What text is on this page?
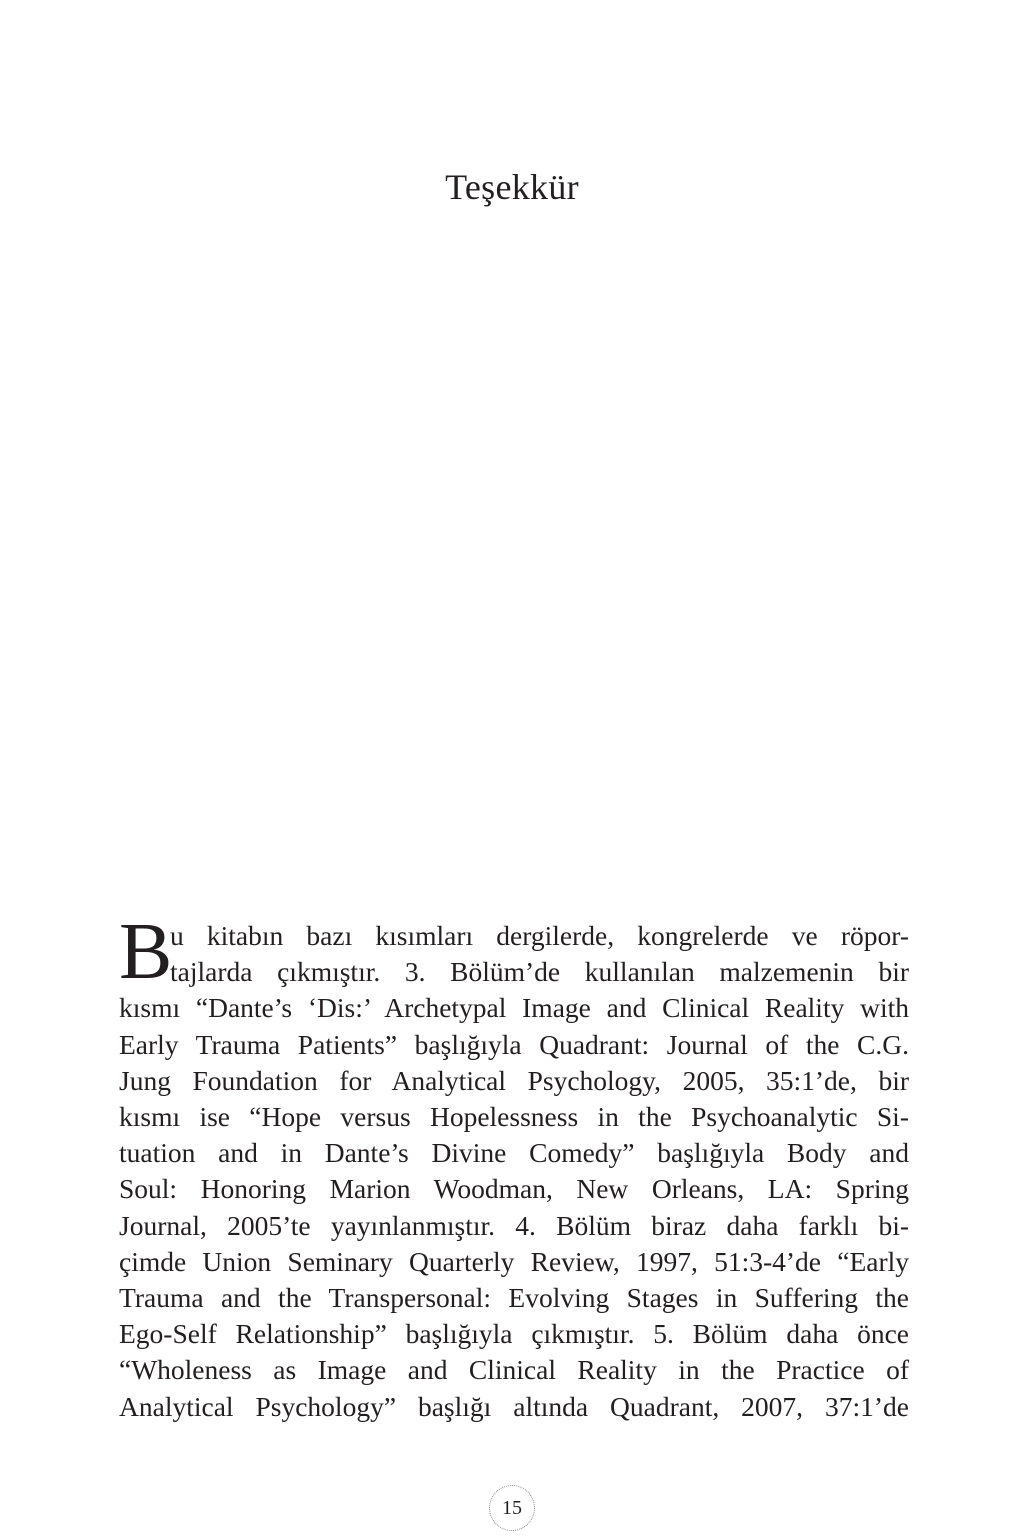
Teşekkür
B
u kitabın bazı kısımları dergilerde, kongrelerde ve röpor-
tajlarda çıkmıştır. 3. Bölüm’de kullanılan malzemenin bir
kısmı “Dante’s ‘Dis:’ Archetypal Image and Clinical Reality with
Early Trauma Patients” başlığıyla Quadrant: Journal of the C.G.
Jung Foundation for Analytical Psychology, 2005, 35:1’de, bir
kısmı ise “Hope versus Hopelessness in the Psychoanalytic Si-
tuation and in Dante’s Divine Comedy” başlığıyla Body and
Soul: Honoring Marion Woodman, New Orleans, LA: Spring
Journal, 2005’te yayınlanmıştır. 4. Bölüm biraz daha farklı bi-
çimde Union Seminary Quarterly Review, 1997, 51:3-4’de “Early
Trauma and the Transpersonal: Evolving Stages in Suffering the
Ego-Self Relationship” başlığıyla çıkmıştır. 5. Bölüm daha önce
“Wholeness as Image and Clinical Reality in the Practice of
Analytical Psychology” başlığı altında Quadrant, 2007, 37:1’de
15
